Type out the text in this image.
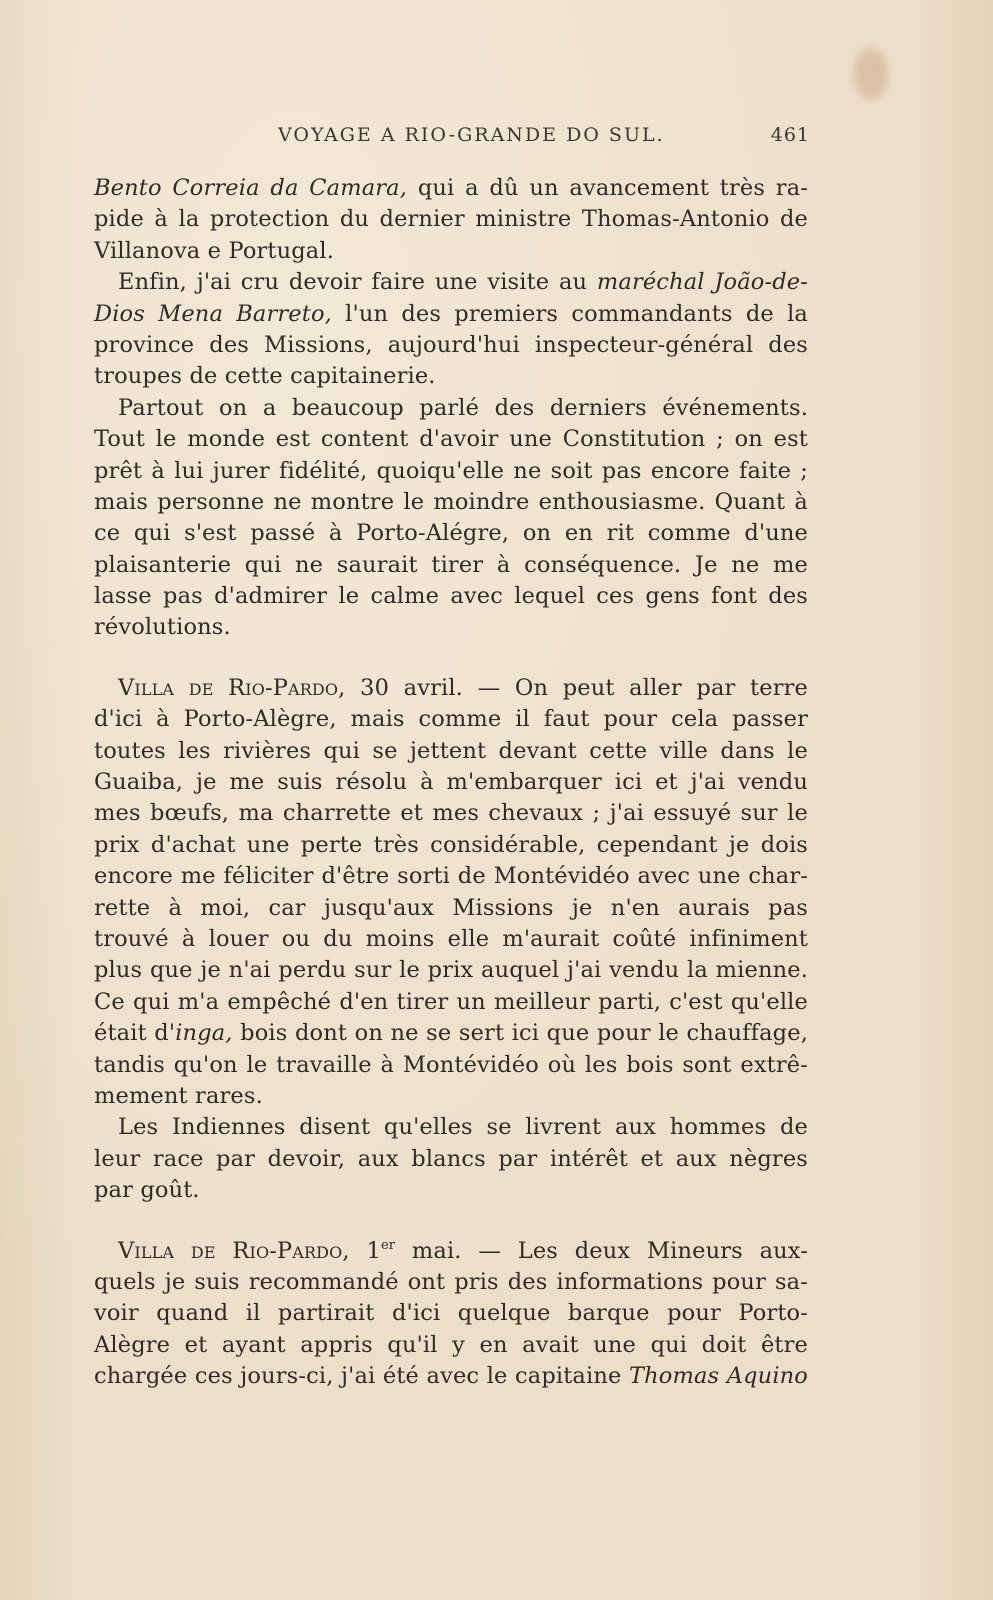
VOYAGE A RIO-GRANDE DO SUL.	461
Bento Correia da Camara, qui a dû un avancement très ra-
pide à la protection du dernier ministre Thomas-Antonio de
Villanova e Portugal.
Enfin, j'ai cru devoir faire une visite au maréchal João-de-
Dios Mena Barreto, l'un des premiers commandants de la
province des Missions, aujourd'hui inspecteur-général des
troupes de cette capitainerie.
Partout on a beaucoup parlé des derniers événements.
Tout le monde est content d'avoir une Constitution ; on est
prêt à lui jurer fidélité, quoiqu'elle ne soit pas encore faite ;
mais personne ne montre le moindre enthousiasme. Quant à
ce qui s'est passé à Porto-Alégre, on en rit comme d'une
plaisanterie qui ne saurait tirer à conséquence. Je ne me
lasse pas d'admirer le calme avec lequel ces gens font des
révolutions.
Villa de Rio-Pardo, 30 avril. — On peut aller par terre
d'ici à Porto-Alègre, mais comme il faut pour cela passer
toutes les rivières qui se jettent devant cette ville dans le
Guaiba, je me suis résolu à m'embarquer ici et j'ai vendu
mes bœufs, ma charrette et mes chevaux ; j'ai essuyé sur le
prix d'achat une perte très considérable, cependant je dois
encore me féliciter d'être sorti de Montévidéo avec une char-
rette à moi, car jusqu'aux Missions je n'en aurais pas
trouvé à louer ou du moins elle m'aurait coûté infiniment
plus que je n'ai perdu sur le prix auquel j'ai vendu la mienne.
Ce qui m'a empêché d'en tirer un meilleur parti, c'est qu'elle
était d'inga, bois dont on ne se sert ici que pour le chauffage,
tandis qu'on le travaille à Montévidéo où les bois sont extrê-
mement rares.
Les Indiennes disent qu'elles se livrent aux hommes de
leur race par devoir, aux blancs par intérêt et aux nègres
par goût.
Villa de Rio-Pardo, 1er mai. — Les deux Mineurs aux-
quels je suis recommandé ont pris des informations pour sa-
voir quand il partirait d'ici quelque barque pour Porto-
Alègre et ayant appris qu'il y en avait une qui doit être
chargée ces jours-ci, j'ai été avec le capitaine Thomas Aquino
